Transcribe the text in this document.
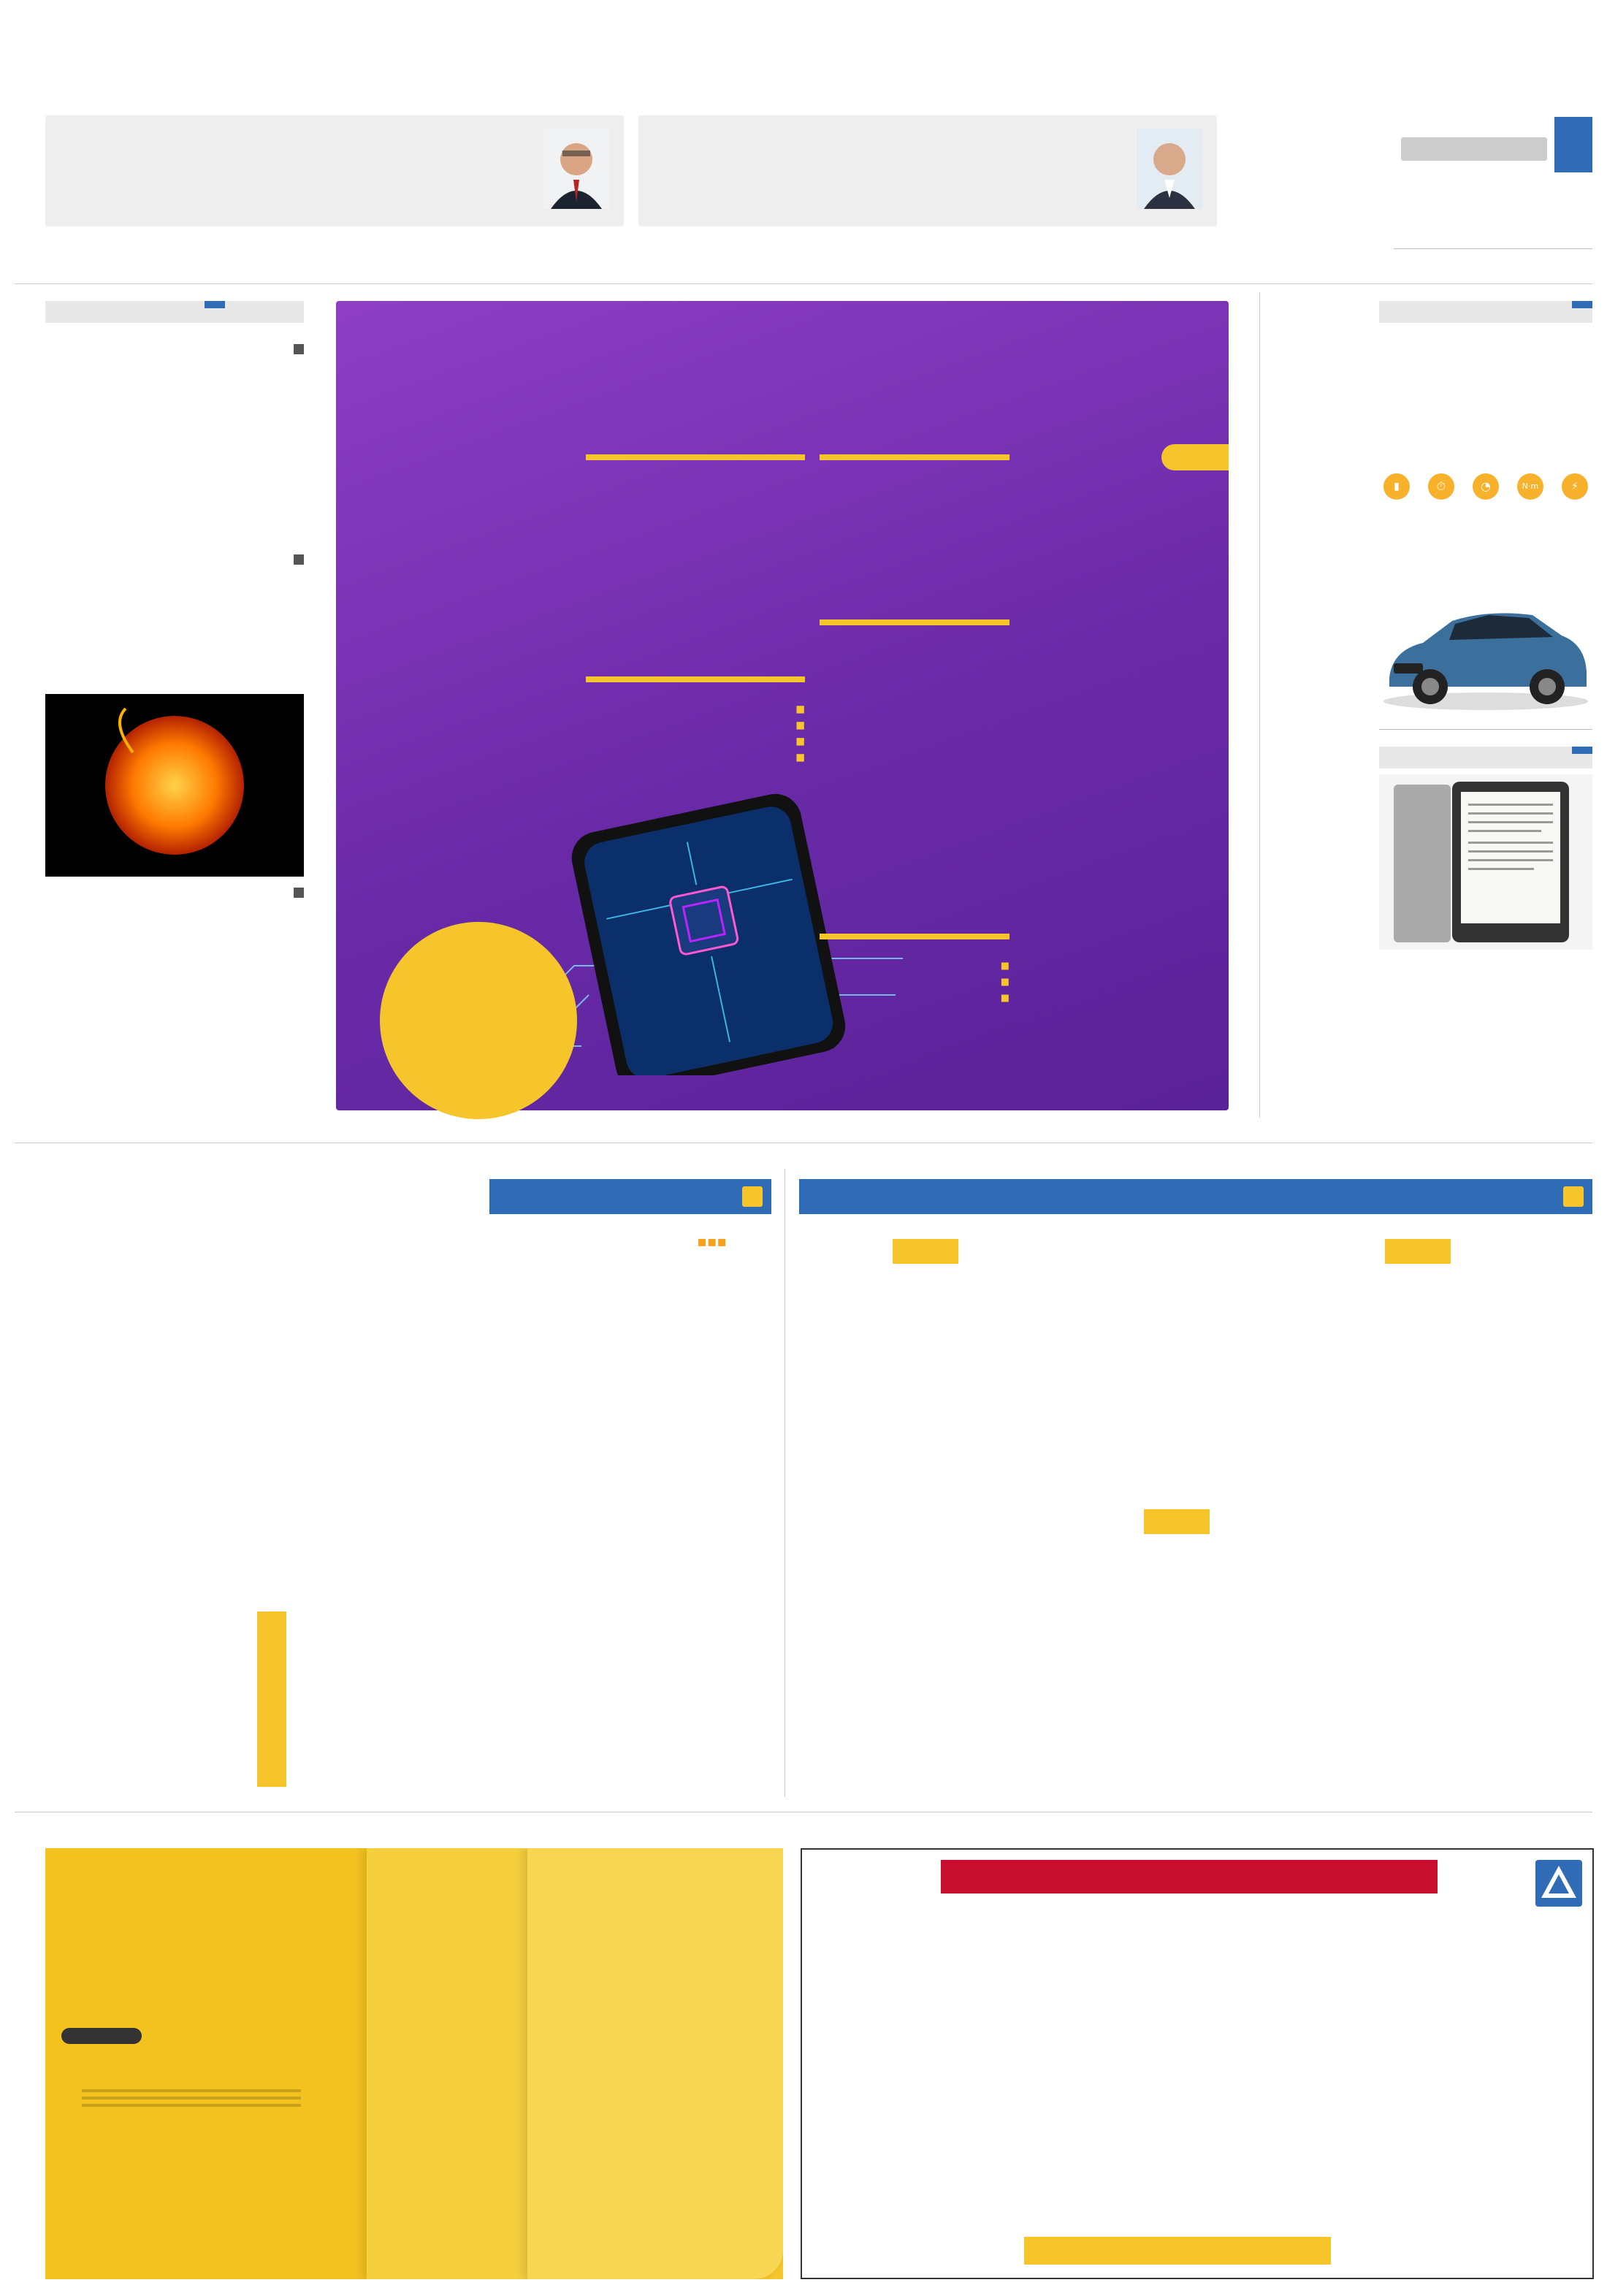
⚡
N·m
◔
⏱
▮
■
■
■
■
■
■
■
▪▪▪
